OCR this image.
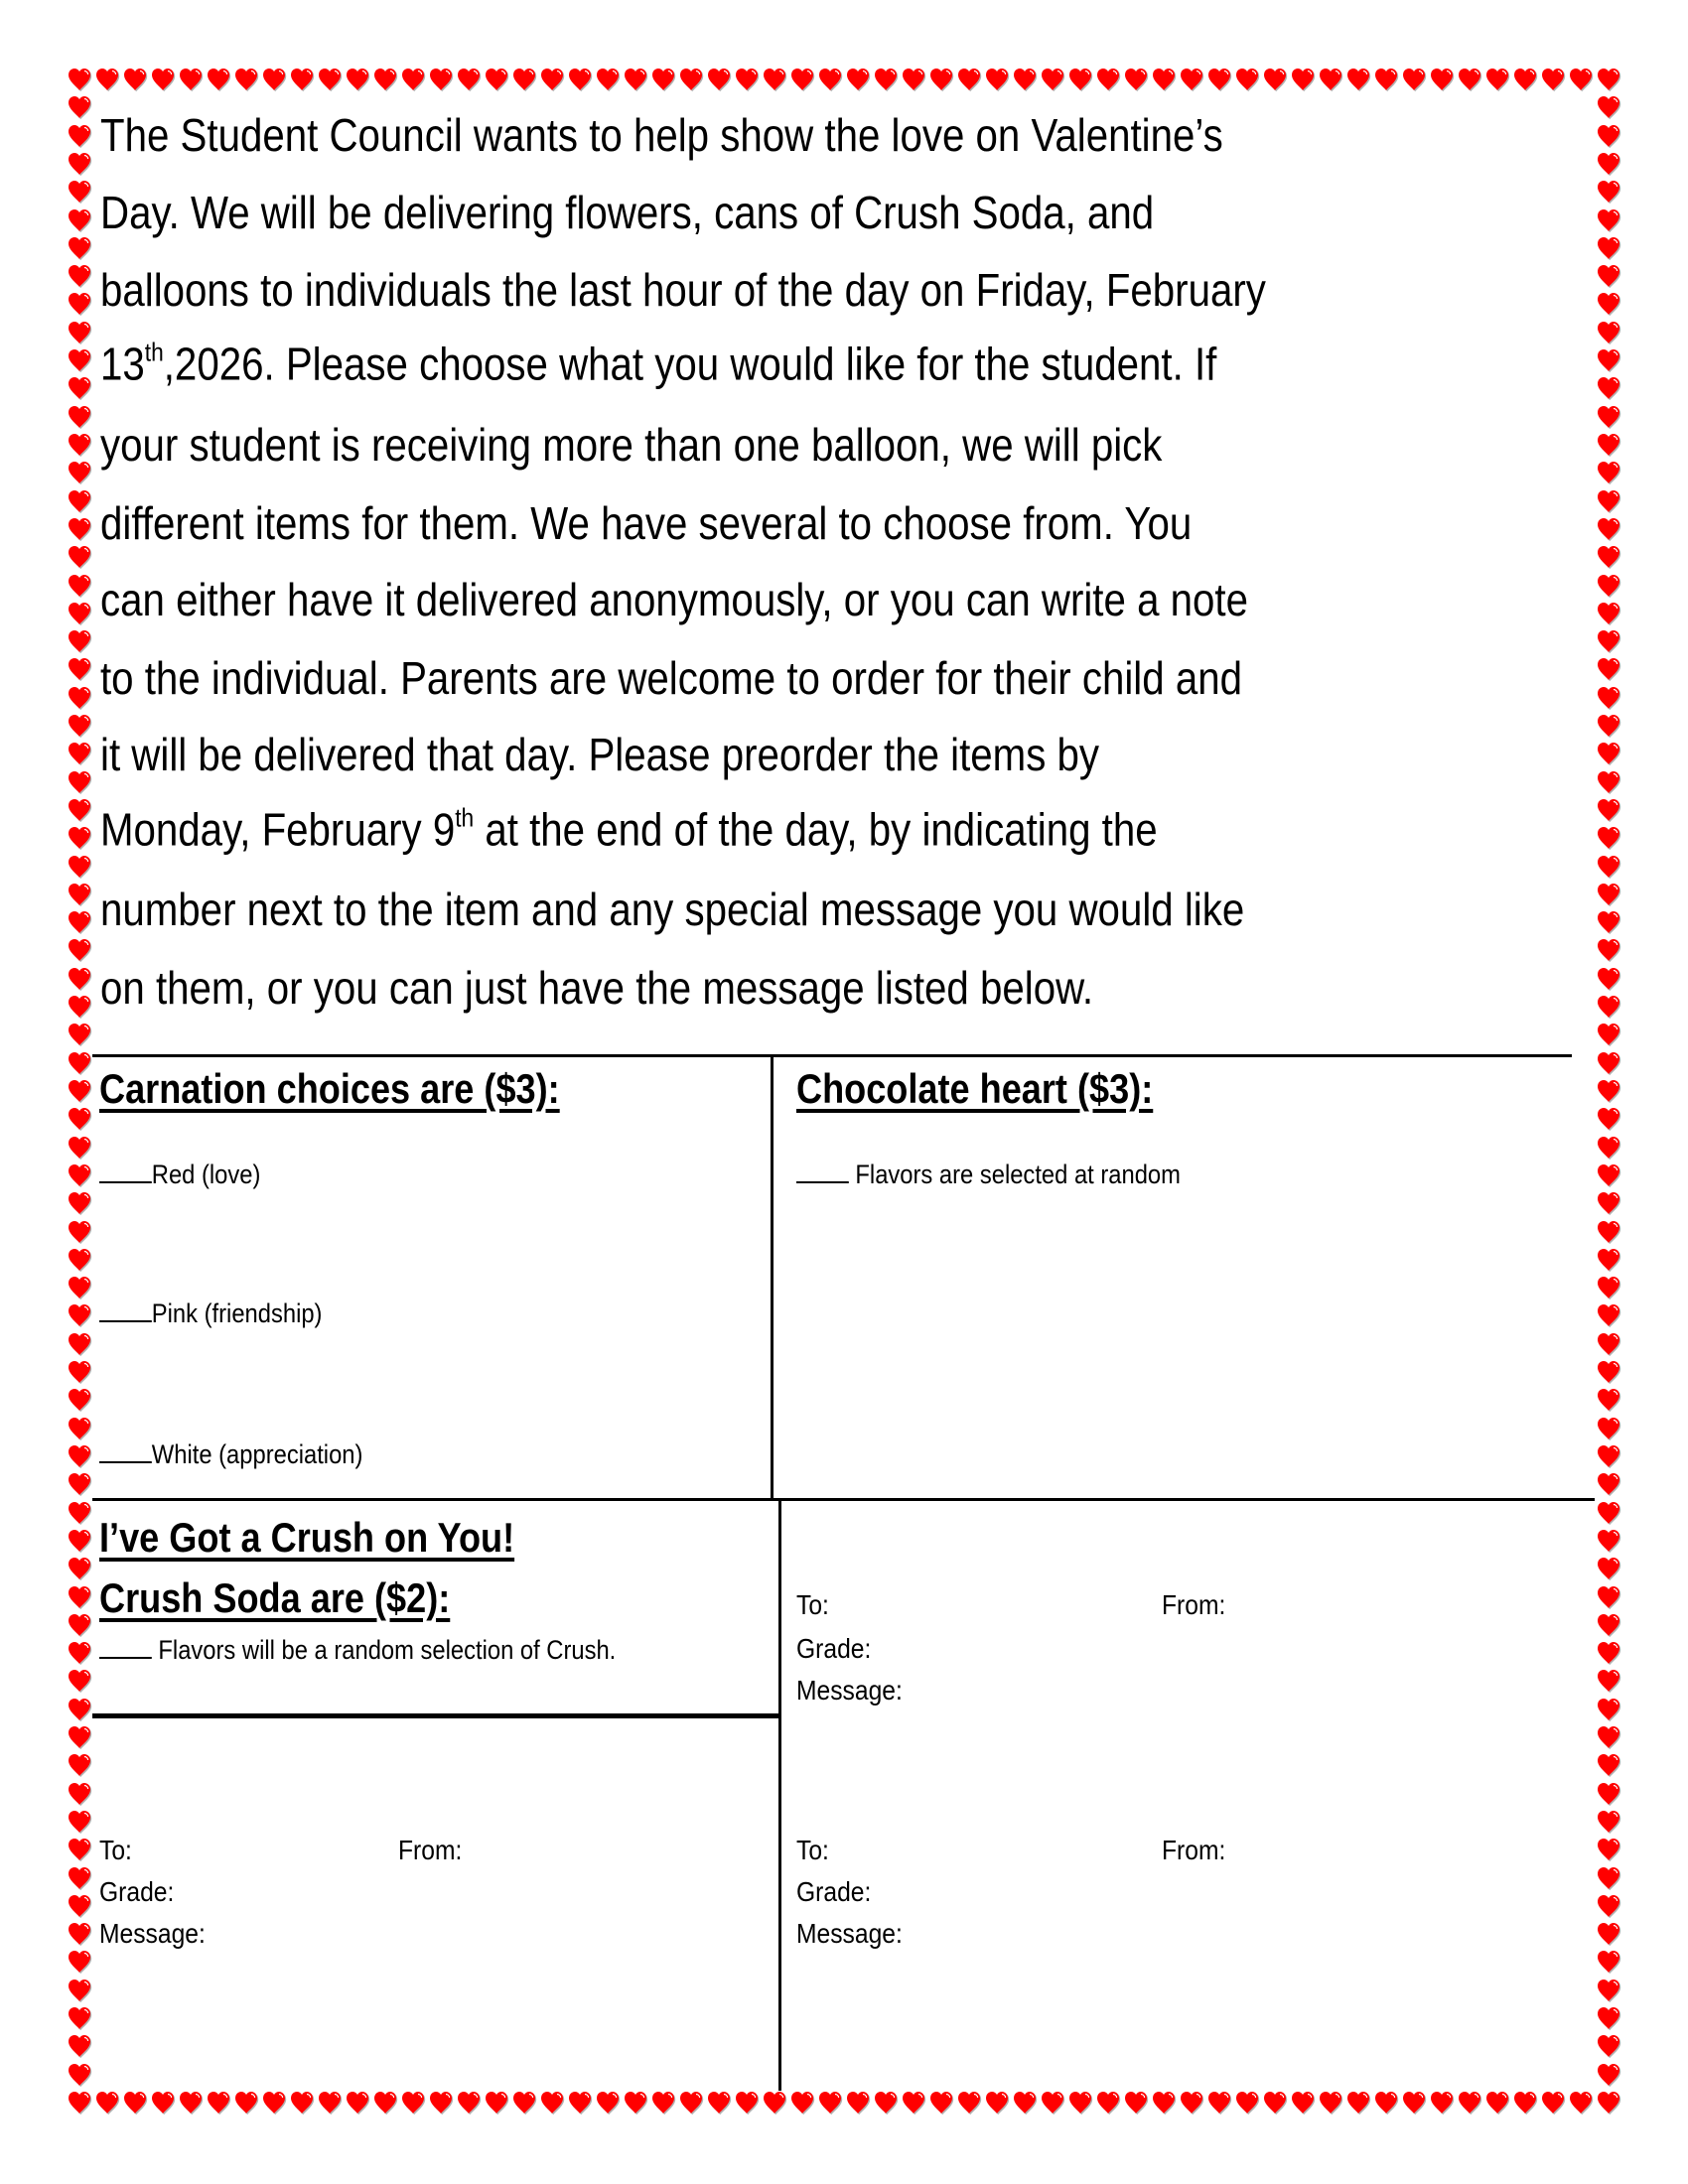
The Student Council wants to help show the love on Valentine’s
Day. We will be delivering flowers, cans of Crush Soda, and
balloons to individuals the last hour of the day on Friday, February
13th,2026. Please choose what you would like for the student. If
your student is receiving more than one balloon, we will pick
different items for them. We have several to choose from. You
can either have it delivered anonymously, or you can write a note
to the individual. Parents are welcome to order for their child and
it will be delivered that day. Please preorder the items by
Monday, February 9th at the end of the day, by indicating the
number next to the item and any special message you would like
on them, or you can just have the message listed below.
Carnation choices are ($3):
Red (love)
Pink (friendship)
White (appreciation)
Chocolate heart ($3):
Flavors are selected at random
I’ve Got a Crush on You!
Crush Soda are ($2):
Flavors will be a random selection of Crush.
To:	From:
Grade:
Message:
To:	From:
Grade:
Message:
To:	From:
Grade:
Message:
